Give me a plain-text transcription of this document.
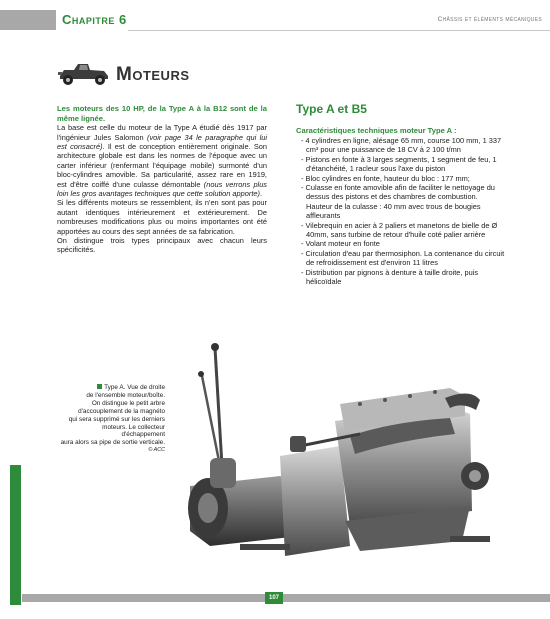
Chapitre 6	Châssis et éléments mécaniques
Moteurs

Les moteurs des 10 HP, de la Type A à la B12 sont de la même lignée.

La base est celle du moteur de la Type A étudié dès 1917 par l'ingénieur Jules Salomon (voir page 34 le paragraphe qui lui est consacré). Il est de conception entièrement originale. Son architecture globale est dans les normes de l'époque avec un carter inférieur (renfermant l'équipage mobile) surmonté d'un bloc-cylindres amovible. Sa particularité, assez rare en 1919, est d'être coiffé d'une culasse démontable (nous verrons plus loin les gros avantages techniques que cette solution apporte).

Si les différents moteurs se ressemblent, ils n'en sont pas pour autant identiques intérieurement et extérieurement. De nombreuses modifications plus ou moins importantes ont été apportées au cours des sept années de sa fabrication.

On distingue trois types principaux avec chacun leurs spécificités.

Type A et B5
Caractéristiques techniques moteur Type A :
- 4 cylindres en ligne, alésage 65 mm, course 100 mm, 1 337 cm³ pour une puissance de 18 CV à 2 100 t/mn
- Pistons en fonte à 3 larges segments, 1 segment de feu, 1 d'étanchéité, 1 racleur sous l'axe du piston
- Bloc cylindres en fonte, hauteur du bloc : 177 mm;
- Culasse en fonte amovible afin de faciliter le nettoyage du dessus des pistons et des chambres de combustion. Hauteur de la culasse : 40 mm avec trous de bougies affleurants
- Vilebrequin en acier à 2 paliers et manetons de bielle de Ø 40mm, sans turbine de retour d'huile coté palier arrière
- Volant moteur en fonte
- Circulation d'eau par thermosiphon. La contenance du circuit de refroidissement est d'environ 11 litres
- Distribution par pignons à denture à taille droite, puis hélicoïdale
Type A. Vue de droite
de l'ensemble moteur/boîte.
On distingue le petit arbre
d'accouplement de la magnéto
qui sera supprimé sur les derniers
moteurs. Le collecteur d'échappement
aura alors sa pipe de sortie verticale.
© ACC
107
